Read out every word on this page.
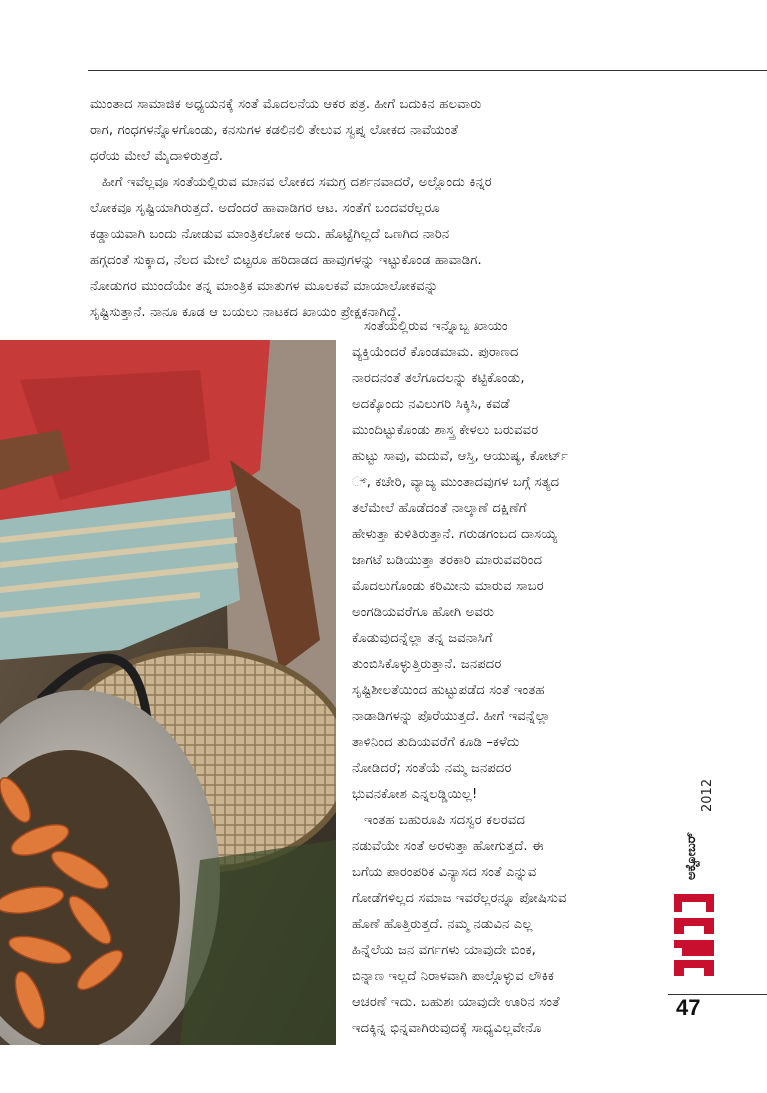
ಮುಂತಾದ ಸಾಮಾಜಿಕ ಅಧ್ಯಯನಕ್ಕೆ ಸಂತೆ ಮೊದಲನೆಯ ಆಕರ ಪತ್ರ. ಹೀಗೆ ಬದುಕಿನ ಹಲವಾರು
ರಾಗ, ಗಂಧಗಳನ್ನೊಳಗೊಂಡು, ಕನಸುಗಳ ಕಡಲಿನಲಿ ತೇಲುವ ಸ್ವಪ್ನ ಲೋಕದ ನಾವೆಯಂತೆ
ಧರೆಯ ಮೇಲೆ ಮೈದಾಳಿರುತ್ತದೆ.
ಹೀಗೆ ಇವೆಲ್ಲವೂ ಸಂತೆಯಲ್ಲಿರುವ ಮಾನವ ಲೋಕದ ಸಮಗ್ರ ದರ್ಶನವಾದರೆ, ಅಲ್ಲೊಂದು ಕಿನ್ನರ
ಲೋಕವೂ ಸೃಷ್ಟಿಯಾಗಿರುತ್ತದೆ. ಅದೆಂದರೆ ಹಾವಾಡಿಗರ ಆಟ. ಸಂತೆಗೆ ಬಂದವರೆಲ್ಲರೂ
ಕಡ್ಡಾಯವಾಗಿ ಬಂದು ನೋಡುವ ಮಾಂತ್ರಿಕಲೋಕ ಅದು. ಹೊಟ್ಟೆಗಿಲ್ಲದೆ ಒಣಗಿದ ನಾರಿನ
ಹಗ್ಗದಂತೆ ಸುಕ್ಕಾದ, ನೆಲದ ಮೇಲೆ ಬಿಟ್ಟರೂ ಹರಿದಾಡದ ಹಾವುಗಳನ್ನು ಇಟ್ಟುಕೊಂಡ ಹಾವಾಡಿಗ.
ನೋಡುಗರ ಮುಂದೆಯೇ ತನ್ನ ಮಾಂತ್ರಿಕ ಮಾತುಗಳ ಮೂಲಕವೆ ಮಾಯಾಲೋಕವನ್ನು
ಸೃಷ್ಟಿಸುತ್ತಾನೆ. ನಾನೂ ಕೂಡ ಆ ಬಯಲು ನಾಟಕದ ಖಾಯಂ ಪ್ರೇಕ್ಷಕನಾಗಿದ್ದೆ.
ಸಂತೆಯಲ್ಲಿರುವ ಇನ್ನೊಬ್ಬ ಖಾಯಂ
ವ್ಯಕ್ತಿಯೆಂದರೆ ಕೊಂಡಮಾಮ. ಪುರಾಣದ
ನಾರದನಂತೆ ತಲೆಗೂದಲನ್ನು ಕಟ್ಟಿಕೊಂಡು,
ಅದಕ್ಕೊಂದು ನವಿಲುಗರಿ ಸಿಕ್ಕಿಸಿ, ಕವಡೆ
ಮುಂದಿಟ್ಟುಕೊಂಡು ಶಾಸ್ತ್ರ ಕೇಳಲು ಬರುವವರ
ಹುಟ್ಟು ಸಾವು, ಮದುವೆ, ಆಸ್ತಿ, ಆಯುಷ್ಯ, ಕೋರ್ಟ್
್, ಕಚೇರಿ, ವ್ಯಾಜ್ಯ ಮುಂತಾದವುಗಳ ಬಗ್ಗೆ ಸತ್ಯದ
ತಲೆಮೇಲೆ ಹೊಡೆದಂತೆ ನಾಲ್ಕಾಣೆ ದಕ್ಷಿಣೆಗೆ
ಹೇಳುತ್ತಾ ಕುಳಿತಿರುತ್ತಾನೆ. ಗರುಡಗಂಬದ ದಾಸಯ್ಯ
ಜಾಗಟೆ ಬಡಿಯುತ್ತಾ ತರಕಾರಿ ಮಾರುವವರಿಂದ
ಮೊದಲುಗೊಂಡು ಕರಿಮೀನು ಮಾರುವ ಸಾಬರ
ಅಂಗಡಿಯವರೆಗೂ ಹೋಗಿ ಅವರು
ಕೊಡುವುದನ್ನೆಲ್ಲಾ ತನ್ನ ಜವನಾಸಿಗೆ
ತುಂಬಿಸಿಕೊಳ್ಳುತ್ತಿರುತ್ತಾನೆ. ಜನಪದರ
ಸೃಷ್ಟಿಶೀಲತೆಯಿಂದ ಹುಟ್ಟುಪಡೆದ ಸಂತೆ ಇಂತಹ
ನಾಡಾಡಿಗಳನ್ನು ಪೊರೆಯುತ್ತದೆ. ಹೀಗೆ ಇವನ್ನೆಲ್ಲಾ
ತಾಳಿನಿಂದ ತುದಿಯವರೆಗೆ ಕೂಡಿ –ಕಳೆದು
ನೋಡಿದರೆ; ಸಂತೆಯೆ ನಮ್ಮ ಜನಪದರ
ಭುವನಕೋಶ ಎನ್ನಲಡ್ಡಿಯಿಲ್ಲ!
ಇಂತಹ ಬಹುರೂಪಿ ಸದಸ್ವರ ಕಲರವದ
ನಡುವೆಯೇ ಸಂತೆ ಅರಳುತ್ತಾ ಹೋಗುತ್ತದೆ. ಈ
ಬಗೆಯ ಪಾರಂಪರಿಕ ವಿನ್ಯಾಸದ ಸಂತೆ ಎನ್ನುವ
ಗೋಡೆಗಳಿಲ್ಲದ ಸಮಾಜ ಇವರೆಲ್ಲರನ್ನೂ ಪೋಷಿಸುವ
ಹೊಣೆ ಹೊತ್ತಿರುತ್ತದೆ. ನಮ್ಮ ನಡುವಿನ ಎಲ್ಲ
ಹಿನ್ನೆಲೆಯ ಜನ ವರ್ಗಗಳು ಯಾವುದೇ ಬಿಂಕ,
ಬಿನ್ನಾಣ ಇಲ್ಲದೆ ನಿರಾಳವಾಗಿ ಪಾಲ್ಗೊಳ್ಳುವ ಲೌಕಿಕ
ಆಚರಣೆ ಇದು. ಬಹುಶಃ ಯಾವುದೇ ಊರಿನ ಸಂತೆ
ಇದಕ್ಕಿನ್ನ ಭಿನ್ನವಾಗಿರುವುದಕ್ಕೆ ಸಾಧ್ಯವಿಲ್ಲವೇನೊ
2012
ಅಕ್ಟೋಬರ್
47
